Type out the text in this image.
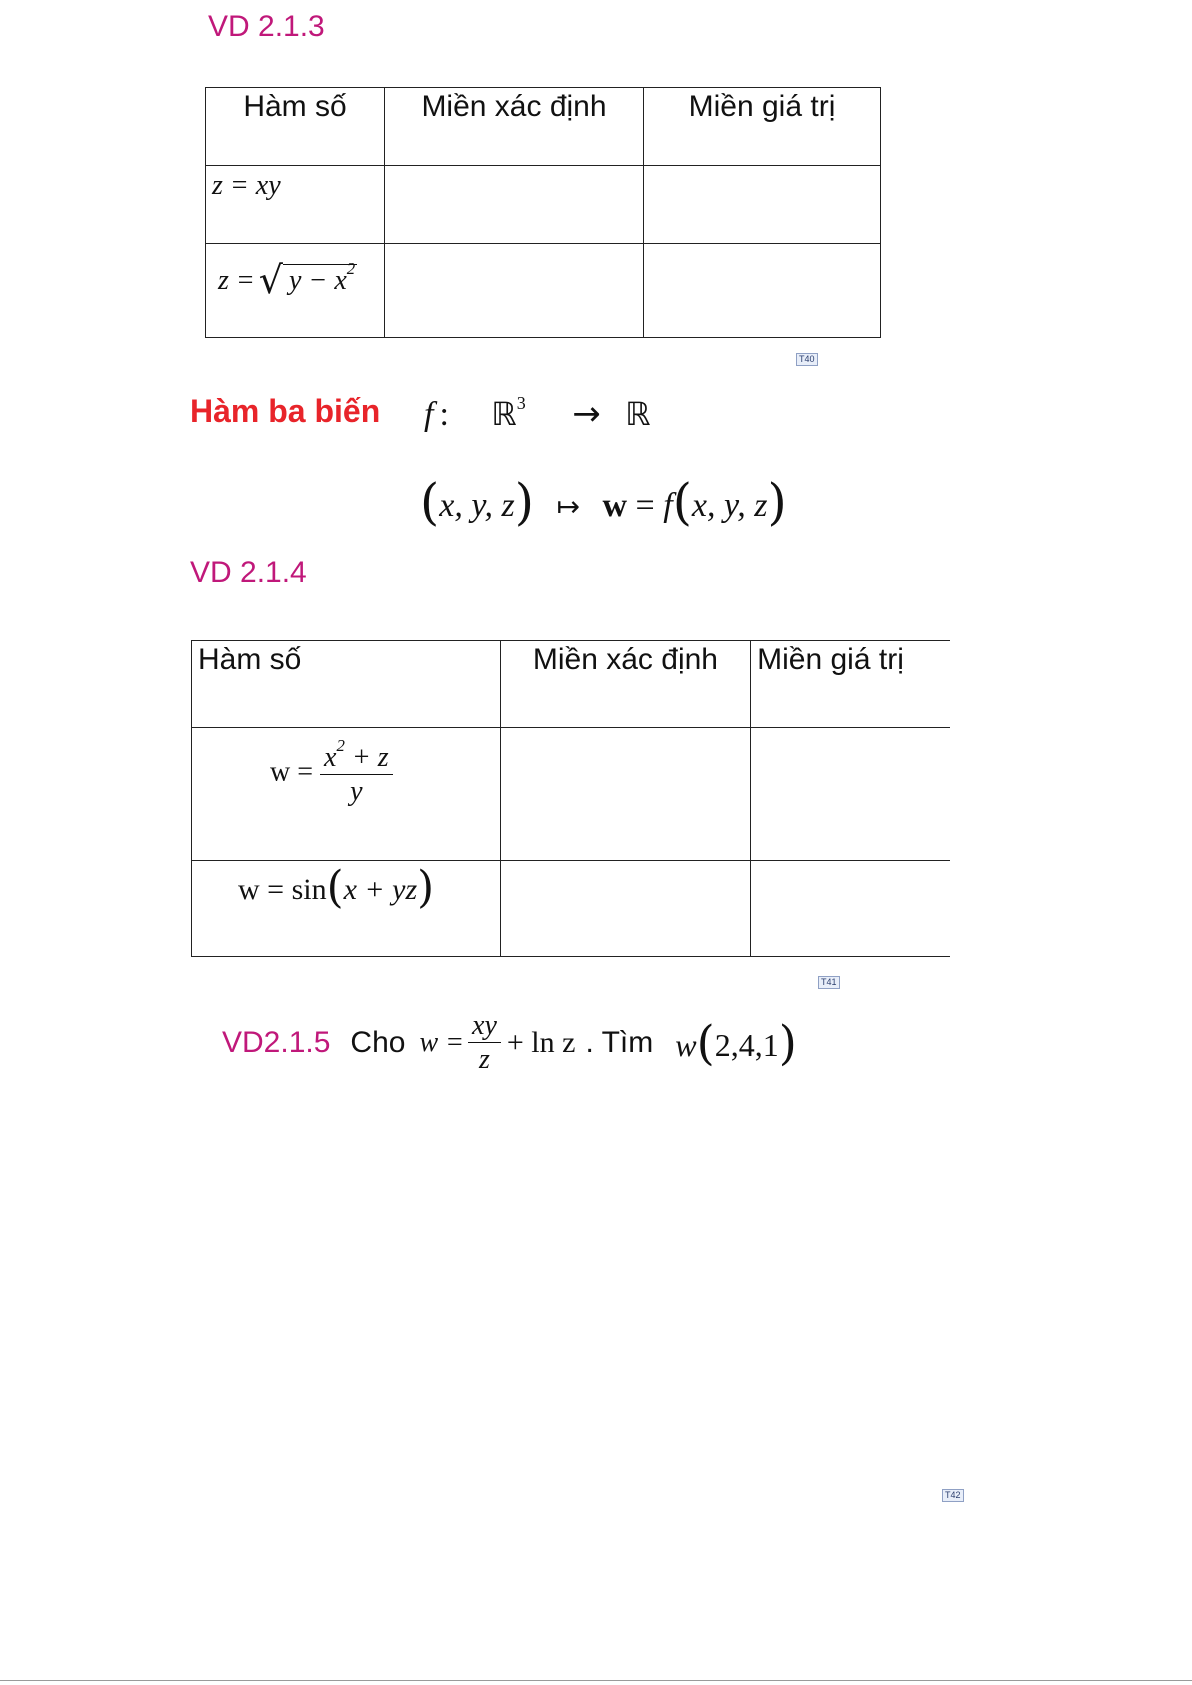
VD 2.1.3
Hàm số	Miền xác định	Miền giá trị

z = xy		

z = √ $y - x^2$

T40
Hàm ba biến f : ℝ$^3$ → ℝ
(x, y, z) ↦ w = f(x, y, z)
VD 2.1.4
Hàm số	Miền xác định	Miền giá trị

$w = \frac{x^2 + z}{y}$

w = sin(x + yz)		

T41
VD2.1.5 Cho $w = \frac{xy}{z} + \ln z$ . Tìm w(2,4,1)
T42
